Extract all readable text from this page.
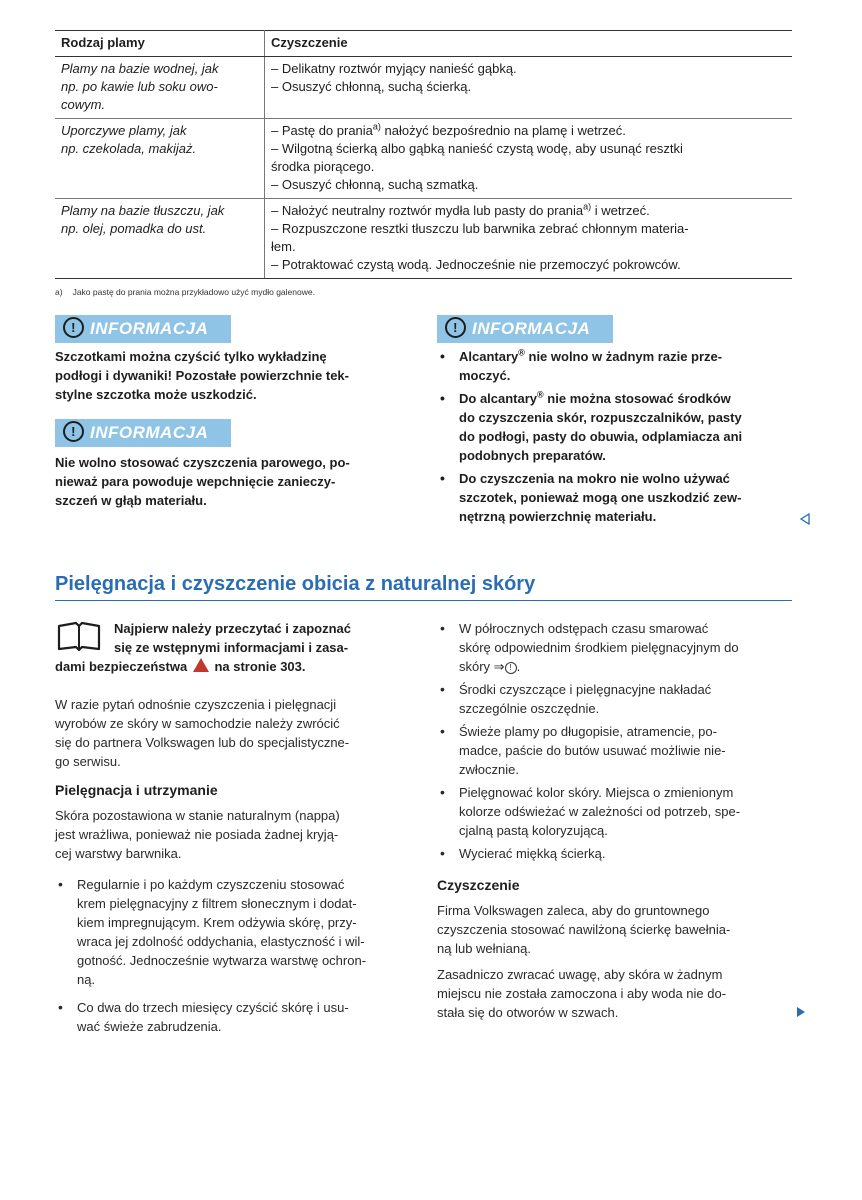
Rodzaj plamy	Czyszczenie

Plamy na bazie wodnej, jak
np. po kawie lub soku owo-
cowym.	– Delikatny roztwór myjący nanieść gąbką.
– Osuszyć chłonną, suchą ścierką.

Uporczywe plamy, jak
np. czekolada, makijaż.	– Pastę do prania$^{a)}$ nałożyć bezpośrednio na plamę i wetrzeć.
– Wilgotną ścierką albo gąbką nanieść czystą wodę, aby usunąć resztki
środka piorącego.
– Osuszyć chłonną, suchą szmatką.

Plamy na bazie tłuszczu, jak
np. olej, pomadka do ust.	– Nałożyć neutralny roztwór mydła lub pasty do prania$^{a)}$ i wetrzeć.
– Rozpuszczone resztki tłuszczu lub barwnika zebrać chłonnym materia-
łem.
– Potraktować czystą wodą. Jednocześnie nie przemoczyć pokrowców.
a) Jako pastę do prania można przykładowo użyć mydło galenowe.
! INFORMACJA
Szczotkami można czyścić tylko wykładzinę
podłogi i dywaniki! Pozostałe powierzchnie tek-
stylne szczotka może uszkodzić.
! INFORMACJA
Nie wolno stosować czyszczenia parowego, po-
nieważ para powoduje wepchnięcie zanieczy-
szczeń w głąb materiału.
! INFORMACJA
• Alcantary® nie wolno w żadnym razie prze-
moczyć.
• Do alcantary® nie można stosować środków
do czyszczenia skór, rozpuszczalników, pasty
do podłogi, pasty do obuwia, odplamiacza ani
podobnych preparatów.
• Do czyszczenia na mokro nie wolno używać
szczotek, ponieważ mogą one uszkodzić zew-
nętrzną powierzchnię materiału.
Pielęgnacja i czyszczenie obicia z naturalnej skóry
Najpierw należy przeczytać i zapoznać
się ze wstępnymi informacjami i zasa-
dami bezpieczeństwa na stronie 303.
W razie pytań odnośnie czyszczenia i pielęgnacji
wyrobów ze skóry w samochodzie należy zwrócić
się do partnera Volkswagen lub do specjalistyczne-
go serwisu.
Pielęgnacja i utrzymanie
Skóra pozostawiona w stanie naturalnym (nappa)
jest wrażliwa, ponieważ nie posiada żadnej kryją-
cej warstwy barwnika.
• Regularnie i po każdym czyszczeniu stosować
krem pielęgnacyjny z filtrem słonecznym i dodat-
kiem impregnującym. Krem odżywia skórę, przy-
wraca jej zdolność oddychania, elastyczność i wil-
gotność. Jednocześnie wytwarza warstwę ochron-
ną.
• Co dwa do trzech miesięcy czyścić skórę i usu-
wać świeże zabrudzenia.
• W półrocznych odstępach czasu smarować
skórę odpowiednim środkiem pielęgnacyjnym do
skóry ⇒ ! .
• Środki czyszczące i pielęgnacyjne nakładać
szczególnie oszczędnie.
• Świeże plamy po długopisie, atramencie, po-
madce, paście do butów usuwać możliwie nie-
zwłocznie.
• Pielęgnować kolor skóry. Miejsca o zmienionym
kolorze odświeżać w zależności od potrzeb, spe-
cjalną pastą koloryzującą.
• Wycierać miękką ścierką.
Czyszczenie
Firma Volkswagen zaleca, aby do gruntownego
czyszczenia stosować nawilżoną ścierkę bawełnia-
ną lub wełnianą.
Zasadniczo zwracać uwagę, aby skóra w żadnym
miejscu nie została zamoczona i aby woda nie do-
stała się do otworów w szwach.
